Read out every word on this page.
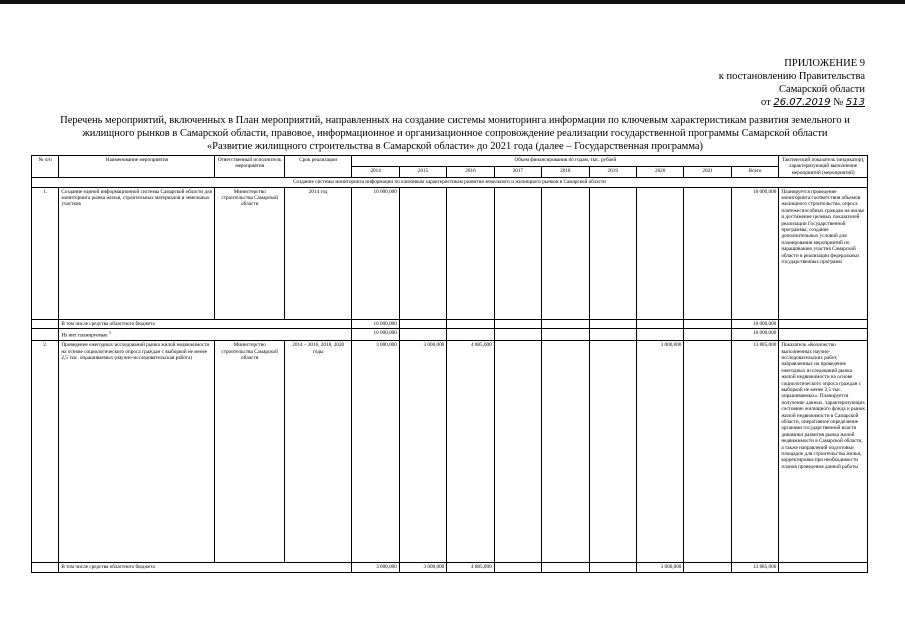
ПРИЛОЖЕНИЕ 9
к постановлению Правительства
Самарской области
от 26.07.2019 № 513
Перечень мероприятий, включенных в План мероприятий, направленных на создание системы мониторинга информации по ключевым характеристикам развития земельного и
жилищного рынков в Самарской области, правовое, информационное и организационное сопровождение реализации государственной программы Самарской области
«Развитие жилищного строительства в Самарской области» до 2021 года (далее – Государственная программа)
№ п/п	Наименование мероприятия	Ответственный исполнитель мероприятия	Срок реализации	Объем финансирования по годам, тыс. рублей									Тактический показатель (индикатор), характеризующий выполнение мероприятий (мероприятий)
				2014	2015	2016	2017	2018	2019	2020	2021	Всего	
Создание системы мониторинга информации по ключевым характеристикам развития земельного и жилищного рынков в Самарской области													
1.	Создание единой информационной системы Самарской области для мониторинга рынка жилья, строительных материалов и земельных участков	Министерство строительства Самарской области	2014 год	10 000,000								10 000,000	Планируется проведение мониторинга соответствия объемов жилищного строительства, опроса платежеспособных граждан на жилье и достижение целевых показателей реализации Государственной программы; создание дополнительных условий для планирования мероприятий по наращиванию участия Самарской области в реализации федеральных государственных программ
	В том числе средства областного бюджета			10 000,000								10 000,000	
	Из них планируемые $^1$			10 000,000								10 000,000	
2.	Проведение ежегодных исследований рынка жилой недвижимости на основе социологического опроса граждан с выборкой не менее 2,5 тыс. опрашиваемых (научно-исследовательская работа)	Министерство строительства Самарской области	2014 – 2016, 2018, 2020 годы	3 000,000	3 000,000	4 885,000				3 000,000		13 885,000	Показатель «Количество выполненных научно-исследовательских работ, направленных на проведение ежегодных исследований рынка жилой недвижимости на основе социологического опроса граждан с выборкой не менее 2,5 тыс. опрашиваемых». Планируется получение данных, характеризующих состояние жилищного фонда и рынок жилой недвижимости в Самарской области, оперативное определение органами государственной власти динамики развития рынка жилой недвижимости в Самарской области, а также направлений подготовки площадок для строительства жилья, корректировка при необходимости планов проведения данной работы
	В том числе средства областного бюджета			3 000,000	3 000,000	4 885,000				3 000,000		13 885,000	
